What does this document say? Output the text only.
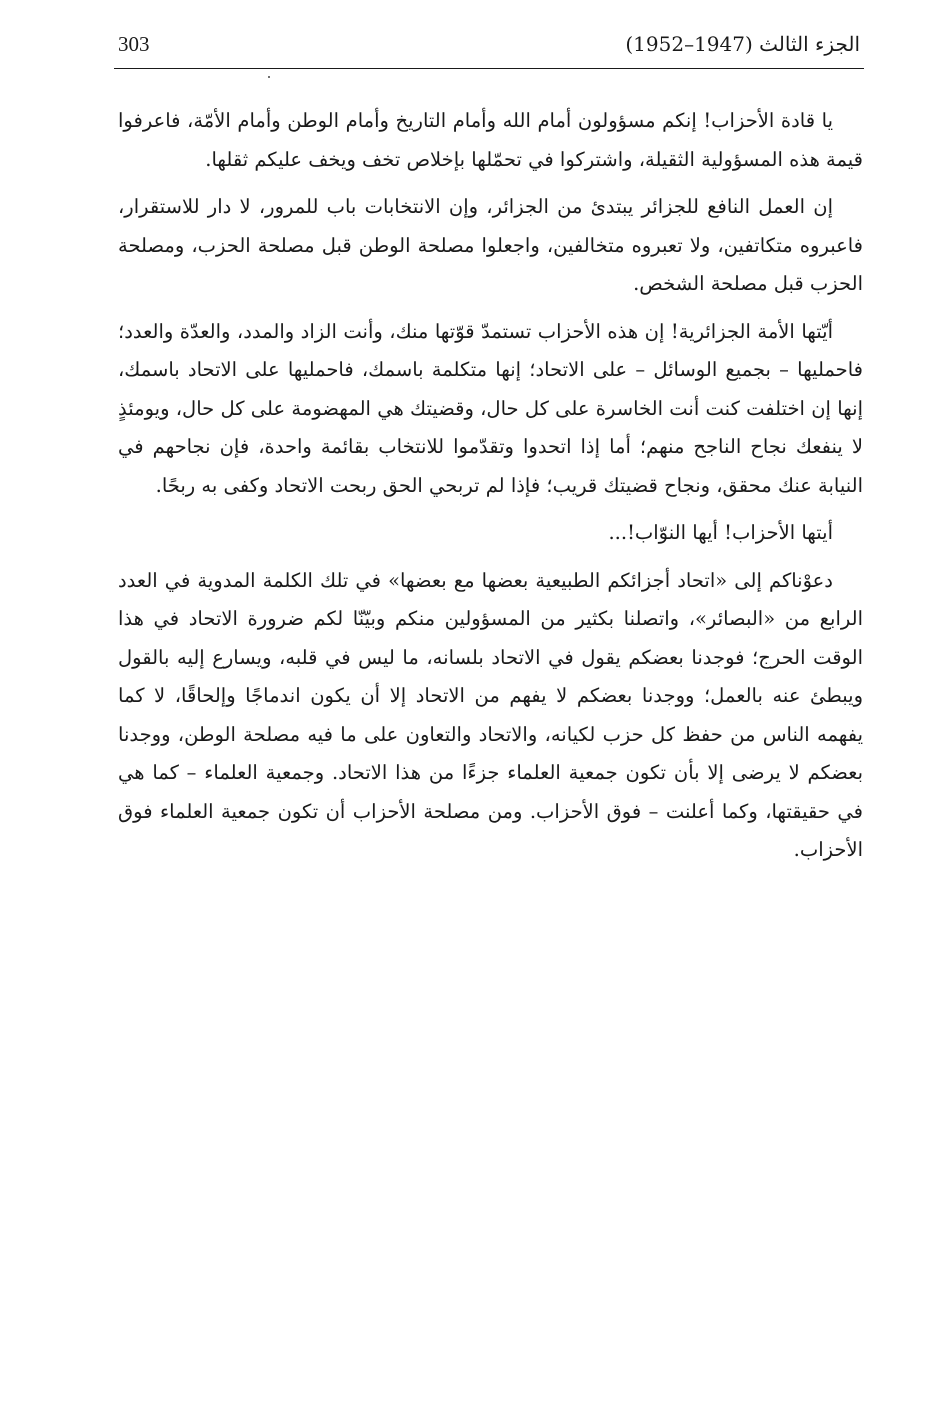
303	الجزء الثالث (1947–1952)

يا قادة الأحزاب! إنكم مسؤولون أمام الله وأمام التاريخ وأمام الوطن وأمام الأمّة، فاعرفوا قيمة هذه المسؤولية الثقيلة، واشتركوا في تحمّلها بإخلاص تخف ويخف عليكم ثقلها.

إن العمل النافع للجزائر يبتدئ من الجزائر، وإن الانتخابات باب للمرور، لا دار للاستقرار، فاعبروه متكاتفين، ولا تعبروه متخالفين، واجعلوا مصلحة الوطن قبل مصلحة الحزب، ومصلحة الحزب قبل مصلحة الشخص.

أيّتها الأمة الجزائرية! إن هذه الأحزاب تستمدّ قوّتها منك، وأنت الزاد والمدد، والعدّة والعدد؛ فاحمليها – بجميع الوسائل – على الاتحاد؛ إنها متكلمة باسمك، فاحمليها على الاتحاد باسمك، إنها إن اختلفت كنت أنت الخاسرة على كل حال، وقضيتك هي المهضومة على كل حال، ويومئذٍ لا ينفعك نجاح الناجح منهم؛ أما إذا اتحدوا وتقدّموا للانتخاب بقائمة واحدة، فإن نجاحهم في النيابة عنك محقق، ونجاح قضيتك قريب؛ فإذا لم تربحي الحق ربحت الاتحاد وكفى به ربحًا.

أيتها الأحزاب! أيها النوّاب!...

دعوْناكم إلى «اتحاد أجزائكم الطبيعية بعضها مع بعضها» في تلك الكلمة المدوية في العدد الرابع من «البصائر»، واتصلنا بكثير من المسؤولين منكم وبيّنّا لكم ضرورة الاتحاد في هذا الوقت الحرج؛ فوجدنا بعضكم يقول في الاتحاد بلسانه، ما ليس في قلبه، ويسارع إليه بالقول ويبطئ عنه بالعمل؛ ووجدنا بعضكم لا يفهم من الاتحاد إلا أن يكون اندماجًا وإلحاقًا، لا كما يفهمه الناس من حفظ كل حزب لكيانه، والاتحاد والتعاون على ما فيه مصلحة الوطن، ووجدنا بعضكم لا يرضى إلا بأن تكون جمعية العلماء جزءًا من هذا الاتحاد. وجمعية العلماء – كما هي في حقيقتها، وكما أعلنت – فوق الأحزاب. ومن مصلحة الأحزاب أن تكون جمعية العلماء فوق الأحزاب.
